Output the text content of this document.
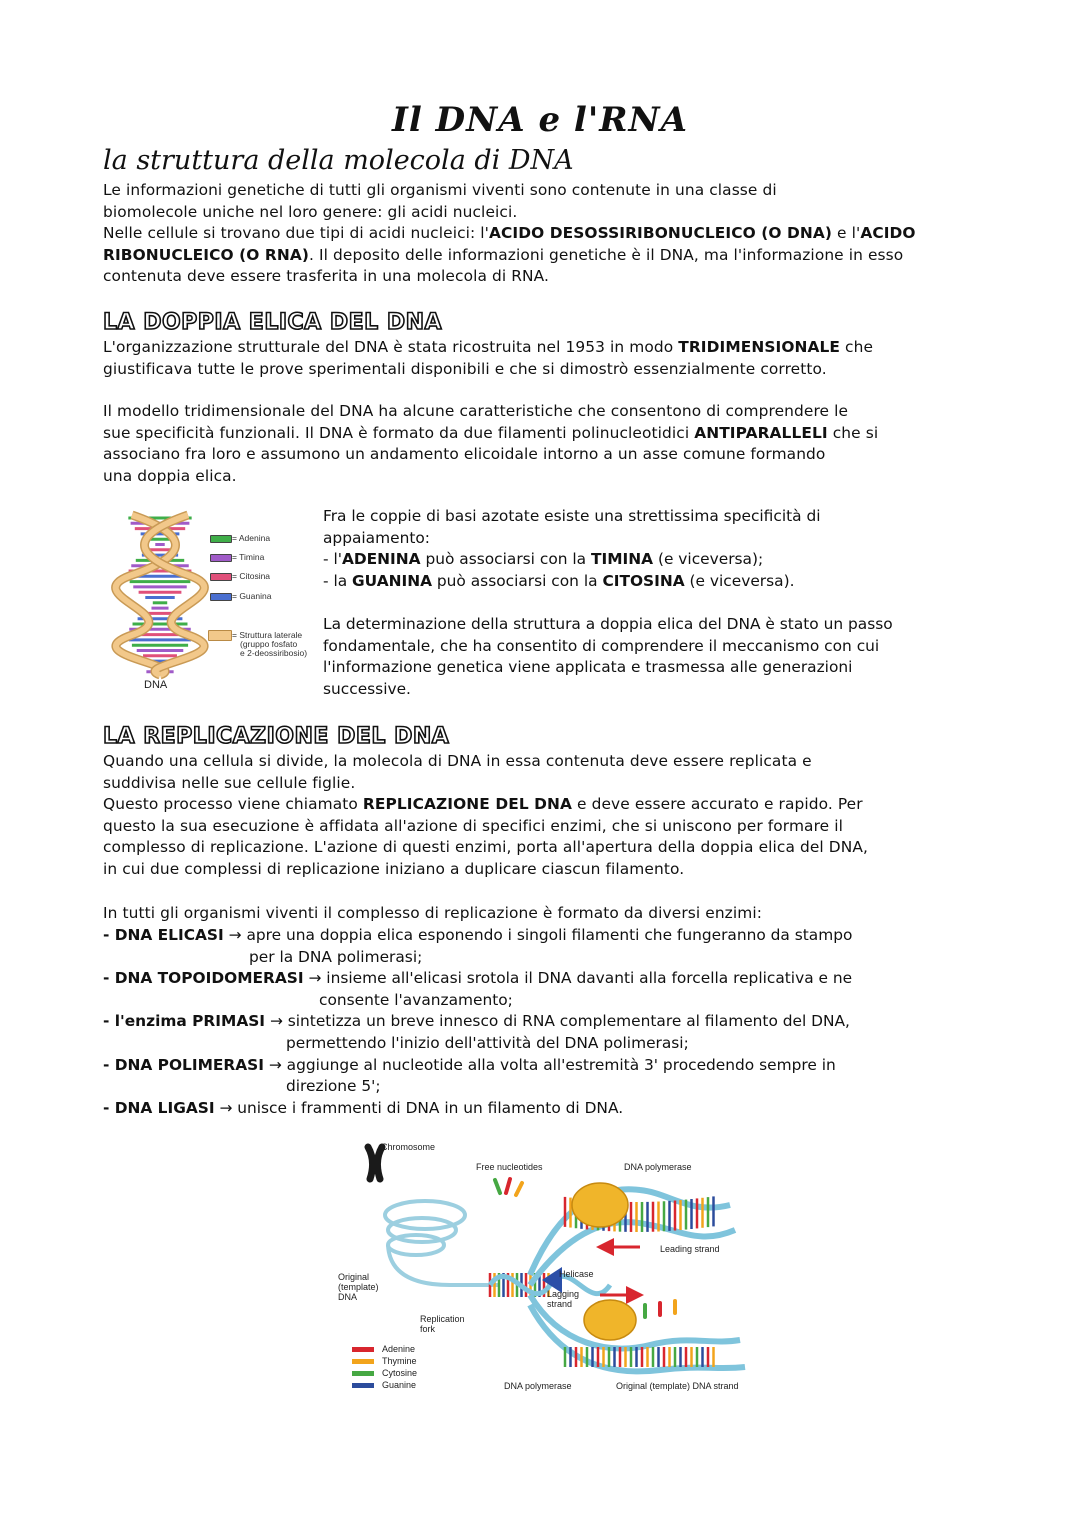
Il DNA e l'RNA
la struttura della molecola di DNA
Le informazioni genetiche di tutti gli organismi viventi sono contenute in una classe di
biomolecole uniche nel loro genere: gli acidi nucleici.
Nelle cellule si trovano due tipi di acidi nucleici: l'ACIDO DESOSSIRIBONUCLEICO (O DNA) e l'ACIDO
RIBONUCLEICO (O RNA). Il deposito delle informazioni genetiche è il DNA, ma l'informazione in esso
contenuta deve essere trasferita in una molecola di RNA.
LA DOPPIA ELICA DEL DNA
L'organizzazione strutturale del DNA è stata ricostruita nel 1953 in modo TRIDIMENSIONALE che
giustificava tutte le prove sperimentali disponibili e che si dimostrò essenzialmente corretto.
Il modello tridimensionale del DNA ha alcune caratteristiche che consentono di comprendere le
sue specificità funzionali. Il DNA è formato da due filamenti polinucleotidici ANTIPARALLELI che si
associano fra loro e assumono un andamento elicoidale intorno a un asse comune formando
una doppia elica.
DNA
= Adenina
= Timina
= Citosina
= Guanina
= Struttura laterale
(gruppo fosfato
e 2-deossiribosio)
Fra le coppie di basi azotate esiste una strettissima specificità di
appaiamento:
- l'ADENINA può associarsi con la TIMINA (e viceversa);
- la GUANINA può associarsi con la CITOSINA (e viceversa).
La determinazione della struttura a doppia elica del DNA è stato un passo
fondamentale, che ha consentito di comprendere il meccanismo con cui
l'informazione genetica viene applicata e trasmessa alle generazioni
successive.
LA REPLICAZIONE DEL DNA
Quando una cellula si divide, la molecola di DNA in essa contenuta deve essere replicata e
suddivisa nelle sue cellule figlie.
Questo processo viene chiamato REPLICAZIONE DEL DNA e deve essere accurato e rapido. Per
questo la sua esecuzione è affidata all'azione di specifici enzimi, che si uniscono per formare il
complesso di replicazione. L'azione di questi enzimi, porta all'apertura della doppia elica del DNA,
in cui due complessi di replicazione iniziano a duplicare ciascun filamento.
In tutti gli organismi viventi il complesso di replicazione è formato da diversi enzimi:
- DNA ELICASI → apre una doppia elica esponendo i singoli filamenti che fungeranno da stampo
per la DNA polimerasi;
- DNA TOPOIDOMERASI → insieme all'elicasi srotola il DNA davanti alla forcella replicativa e ne
consente l'avanzamento;
- l'enzima PRIMASI → sintetizza un breve innesco di RNA complementare al filamento del DNA,
permettendo l'inizio dell'attività del DNA polimerasi;
- DNA POLIMERASI → aggiunge al nucleotide alla volta all'estremità 3' procedendo sempre in
direzione 5';
- DNA LIGASI → unisce i frammenti di DNA in un filamento di DNA.
Chromosome
Free nucleotides	DNA polymerase
Leading strand
Helicase
Lagging
strand
Original
(template)
DNA
Replication
fork
DNA polymerase	Original (template) DNA strand
Adenine
Thymine
Cytosine
Guanine
